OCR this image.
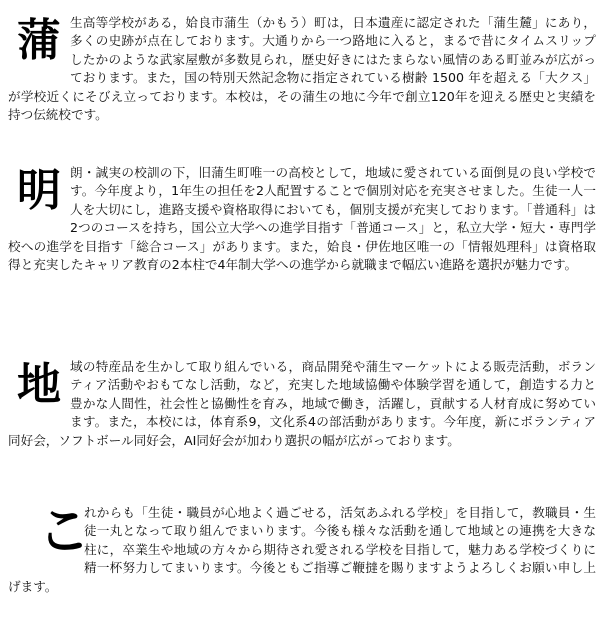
蒲 生高等学校がある，姶良市蒲生（かもう）町は，日本遺産に認定された「蒲生麓」にあり，多くの史跡が点在しております。大通りから一つ路地に入ると，まるで昔にタイムスリップしたかのような武家屋敷が多数見られ，歴史好きにはたまらない風情のある町並みが広がっております。また，国の特別天然記念物に指定されている樹齢 1500 年を超える「大クス」が学校近くにそびえ立っております。本校は，その蒲生の地に今年で創立120年を迎える歴史と実績を持つ伝統校です。
明 朗・誠実の校訓の下，旧蒲生町唯一の高校として，地域に愛されている面倒見の良い学校です。今年度より，1年生の担任を2人配置することで個別対応を充実させました。生徒一人一人を大切にし，進路支援や資格取得においても，個別支援が充実しております。「普通科」は2つのコースを持ち，国公立大学への進学目指す「普通コース」と，私立大学・短大・専門学校への進学を目指す「総合コース」があります。また，姶良・伊佐地区唯一の「情報処理科」は資格取得と充実したキャリア教育の2本柱で4年制大学への進学から就職まで幅広い進路を選択が魅力です。
地 域の特産品を生かして取り組んでいる，商品開発や蒲生マーケットによる販売活動，ボランティア活動やおもてなし活動，など，充実した地域協働や体験学習を通して，創造する力と豊かな人間性，社会性と協働性を育み，地域で働き，活躍し，貢献する人材育成に努めています。また，本校には，体育系9，文化系4の部活動があります。今年度，新にボランティア同好会，ソフトボール同好会，AI同好会が加わり選択の幅が広がっております。
こ
れからも「生徒・職員が心地よく過ごせる，活気あふれる学校」を目指して，教職員・生徒一丸となって取り組んでまいります。今後も様々な活動を通して地域との連携を大きな柱に，卒業生や地域の方々から期待され愛される学校を目指して，魅力ある学校づくりに精一杯努力してまいります。今後ともご指導ご鞭撻を賜りますようよろしくお願い申し上げます。
